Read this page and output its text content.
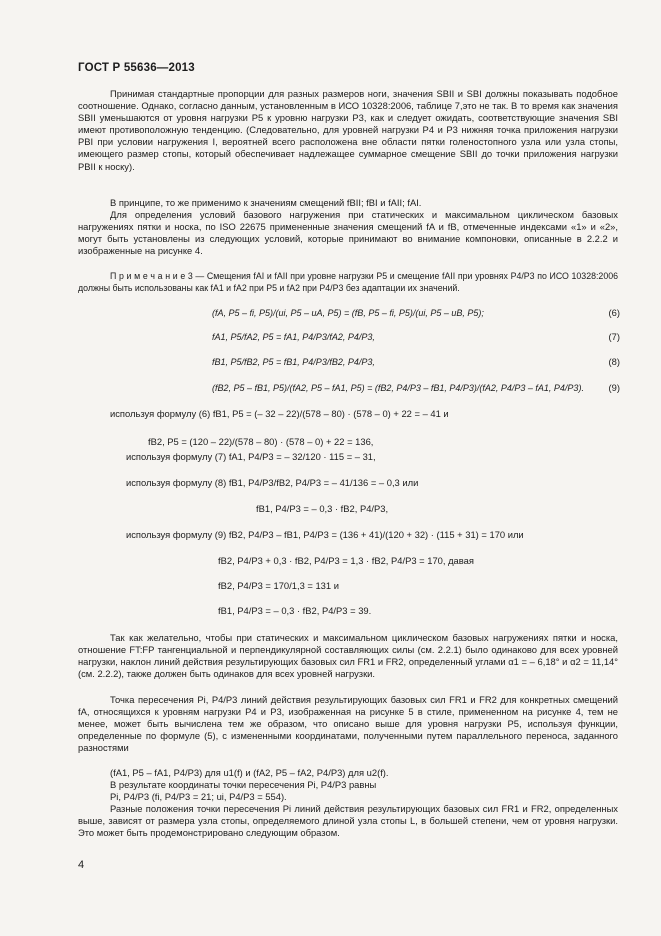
ГОСТ Р 55636—2013

Принимая стандартные пропорции для разных размеров ноги, значения SBII и SBI должны показывать подобное соотношение. Однако, согласно данным, установленным в ИСО 10328:2006, таблице 7,это не так. В то время как значения SBII уменьшаются от уровня нагрузки P5 к уровню нагрузки P3, как и следует ожидать, соответствующие значения SBI имеют противоположную тенденцию. (Следовательно, для уровней нагрузки P4 и P3 нижняя точка приложения нагрузки PBI при условии нагружения I, вероятней всего расположена вне области пятки голеностопного узла или узла стопы, имеющего размер стопы, который обеспечивает надлежащее суммарное смещение SBII до точки приложения нагрузки PBII к носку).

В принципе, то же применимо к значениям смещений fBII; fBI и fAII; fAI.

Для определения условий базового нагружения при статических и максимальном циклическом базовых нагружениях пятки и носка, по ISO 22675 примененные значения смещений fA и fB, отмеченные индексами «1» и «2», могут быть установлены из следующих условий, которые принимают во внимание компоновки, описанные в 2.2.2 и изображенные на рисунке 4.

П р и м е ч а н и е 3 — Смещения fAI и fAII при уровне нагрузки P5 и смещение fAII при уровнях P4/P3 по ИСО 10328:2006 должны быть использованы как fA1 и fA2 при P5 и fA2 при P4/P3 без адаптации их значений.

(fA, P5 – fi, P5)/(ui, P5 – uA, P5) = (fB, P5 – fi, P5)/(ui, P5 – uB, P5);	(6)
fA1, P5/fA2, P5 = fA1, P4/P3/fA2, P4/P3,	(7)
fB1, P5/fB2, P5 = fB1, P4/P3/fB2, P4/P3,	(8)
(fB2, P5 – fB1, P5)/(fA2, P5 – fA1, P5) = (fB2, P4/P3 – fB1, P4/P3)/(fA2, P4/P3 – fA1, P4/P3).	(9)
используя формулу (6) fB1, P5 = (– 32 – 22)/(578 – 80) · (578 – 0) + 22 = – 41 и
fB2, P5 = (120 – 22)/(578 – 80) · (578 – 0) + 22 = 136,
используя формулу (7) fA1, P4/P3 = – 32/120 · 115 = – 31,
используя формулу (8) fB1, P4/P3/fB2, P4/P3 = – 41/136 = – 0,3 или
fB1, P4/P3 = – 0,3 · fB2, P4/P3,
используя формулу (9) fB2, P4/P3 – fB1, P4/P3 = (136 + 41)/(120 + 32) · (115 + 31) = 170 или
fB2, P4/P3 + 0,3 · fB2, P4/P3 = 1,3 · fB2, P4/P3 = 170, давая
fB2, P4/P3 = 170/1,3 = 131 и
fB1, P4/P3 = – 0,3 · fB2, P4/P3 = 39.

Так как желательно, чтобы при статических и максимальном циклическом базовых нагружениях пятки и носка, отношение FT:FP тангенциальной и перпендикулярной составляющих силы (см. 2.2.1) было одинаково для всех уровней нагрузки, наклон линий действия результирующих базовых сил FR1 и FR2, определенный углами α1 = – 6,18° и α2 = 11,14° (см. 2.2.2), также должен быть одинаков для всех уровней нагрузки.

Точка пересечения Pi, P4/P3 линий действия результирующих базовых сил FR1 и FR2 для конкретных смещений fA, относящихся к уровням нагрузки P4 и P3, изображенная на рисунке 5 в стиле, примененном на рисунке 4, тем не менее, может быть вычислена тем же образом, что описано выше для уровня нагрузки P5, используя функции, определенные по формуле (5), с измененными координатами, полученными путем параллельного переноса, заданного разностями

(fA1, P5 – fA1, P4/P3) для u1(f) и (fA2, P5 – fA2, P4/P3) для u2(f).
В результате координаты точки пересечения Pi, P4/P3 равны
Pi, P4/P3 (fi, P4/P3 = 21; ui, P4/P3 = 554).

Разные положения точки пересечения Pi линий действия результирующих базовых сил FR1 и FR2, определенных выше, зависят от размера узла стопы, определяемого длиной узла стопы L, в большей степени, чем от уровня нагрузки. Это может быть продемонстрировано следующим образом.

4
